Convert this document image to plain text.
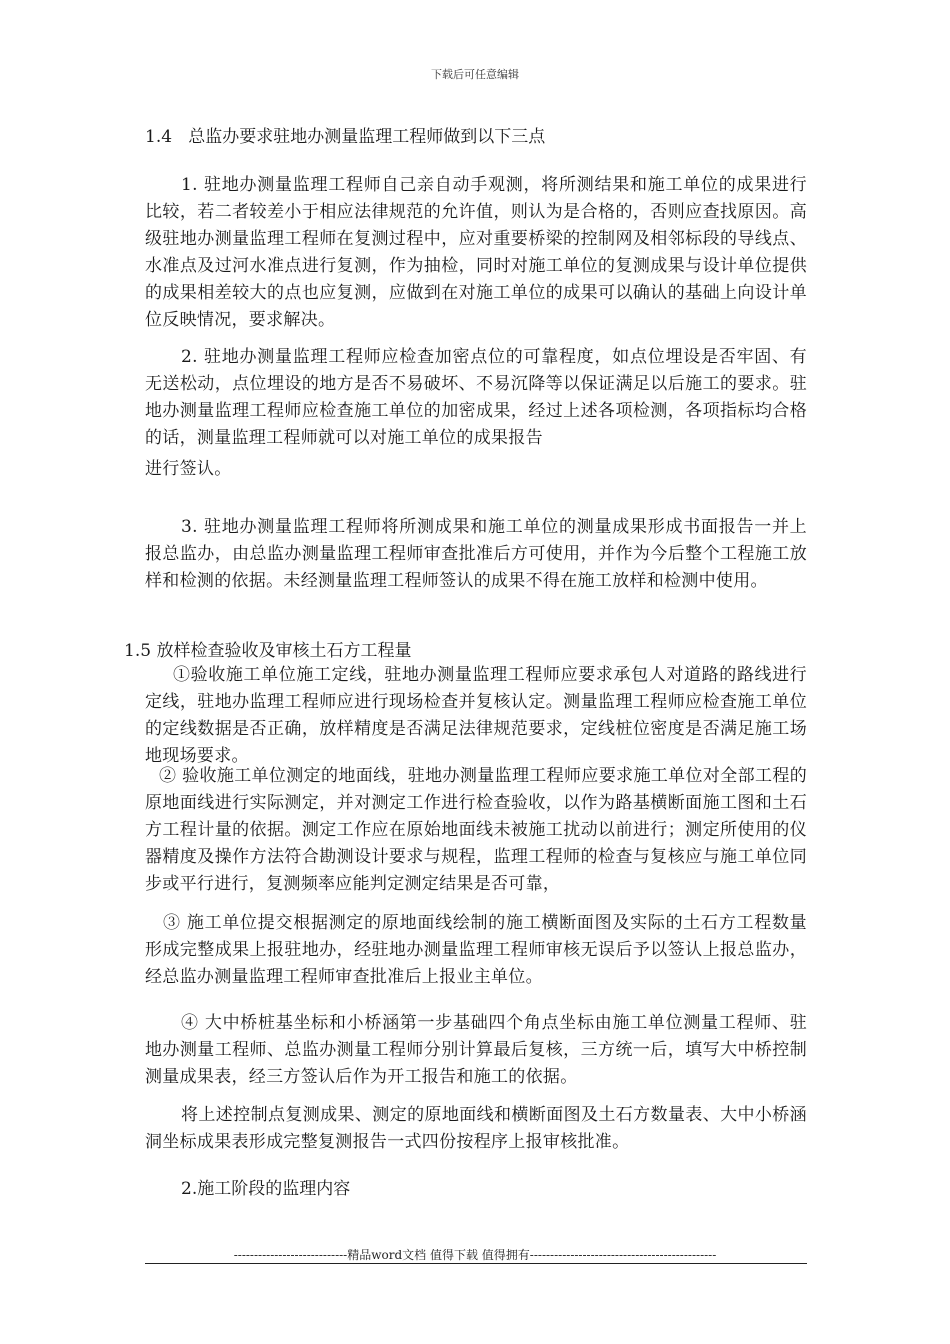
下载后可任意编辑
1.4   总监办要求驻地办测量监理工程师做到以下三点

1. 驻地办测量监理工程师自己亲自动手观测，将所测结果和施工单位的成果进行比较，若二者较差小于相应法律规范的允许值，则认为是合格的，否则应查找原因。高级驻地办测量监理工程师在复测过程中，应对重要桥梁的控制网及相邻标段的导线点、水准点及过河水准点进行复测，作为抽检，同时对施工单位的复测成果与设计单位提供的成果相差较大的点也应复测，应做到在对施工单位的成果可以确认的基础上向设计单位反映情况，要求解决。

2. 驻地办测量监理工程师应检查加密点位的可靠程度，如点位埋设是否牢固、有无送松动，点位埋设的地方是否不易破坏、不易沉降等以保证满足以后施工的要求。驻地办测量监理工程师应检查施工单位的加密成果，经过上述各项检测，各项指标均合格的话，测量监理工程师就可以对施工单位的成果报告

进行签认。

3. 驻地办测量监理工程师将所测成果和施工单位的测量成果形成书面报告一并上报总监办，由总监办测量监理工程师审查批准后方可使用，并作为今后整个工程施工放样和检测的依据。未经测量监理工程师签认的成果不得在施工放样和检测中使用。

1.5 放样检查验收及审核土石方工程量

①验收施工单位施工定线，驻地办测量监理工程师应要求承包人对道路的路线进行定线，驻地办监理工程师应进行现场检查并复核认定。测量监理工程师应检查施工单位的定线数据是否正确，放样精度是否满足法律规范要求，定线桩位密度是否满足施工场地现场要求。

② 验收施工单位测定的地面线，驻地办测量监理工程师应要求施工单位对全部工程的原地面线进行实际测定，并对测定工作进行检查验收，以作为路基横断面施工图和土石方工程计量的依据。测定工作应在原始地面线未被施工扰动以前进行；测定所使用的仪器精度及操作方法符合勘测设计要求与规程，监理工程师的检查与复核应与施工单位同步或平行进行，复测频率应能判定测定结果是否可靠，

③ 施工单位提交根据测定的原地面线绘制的施工横断面图及实际的土石方工程数量形成完整成果上报驻地办，经驻地办测量监理工程师审核无误后予以签认上报总监办，经总监办测量监理工程师审查批准后上报业主单位。

④ 大中桥桩基坐标和小桥涵第一步基础四个角点坐标由施工单位测量工程师、驻地办测量工程师、总监办测量工程师分别计算最后复核，三方统一后，填写大中桥控制测量成果表，经三方签认后作为开工报告和施工的依据。

将上述控制点复测成果、测定的原地面线和横断面图及土石方数量表、大中小桥涵洞坐标成果表形成完整复测报告一式四份按程序上报审核批准。

2.施工阶段的监理内容
----------------------------精品word文档 值得下载 值得拥有----------------------------------------------
